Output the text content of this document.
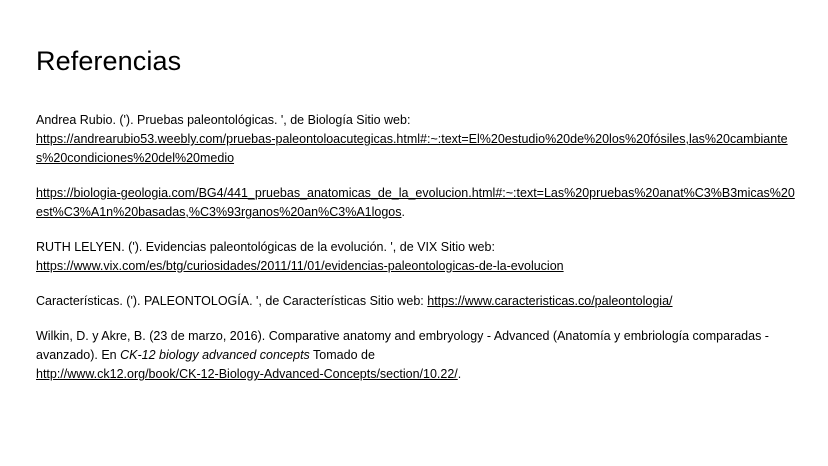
Referencias

Andrea Rubio. ('). Pruebas paleontológicas. ', de Biología Sitio web:
https://andrearubio53.weebly.com/pruebas-paleontoloacutegicas.html#:~:text=El%20estudio%20de%20los%20fósiles,las%20cambiantes%20condiciones%20del%20medio

https://biologia-geologia.com/BG4/441_pruebas_anatomicas_de_la_evolucion.html#:~:text=Las%20pruebas%20anat%C3%B3micas%20est%C3%A1n%20basadas,%C3%93rganos%20an%C3%A1logos.

RUTH LELYEN. ('). Evidencias paleontológicas de la evolución. ', de VIX Sitio web:
https://www.vix.com/es/btg/curiosidades/2011/11/01/evidencias-paleontologicas-de-la-evolucion

Características. ('). PALEONTOLOGÍA. ', de Características Sitio web: https://www.caracteristicas.co/paleontologia/

Wilkin, D. y Akre, B. (23 de marzo, 2016). Comparative anatomy and embryology - Advanced (Anatomía y embriología comparadas - avanzado). En CK-12 biology advanced concepts Tomado de
http://www.ck12.org/book/CK-12-Biology-Advanced-Concepts/section/10.22/.
